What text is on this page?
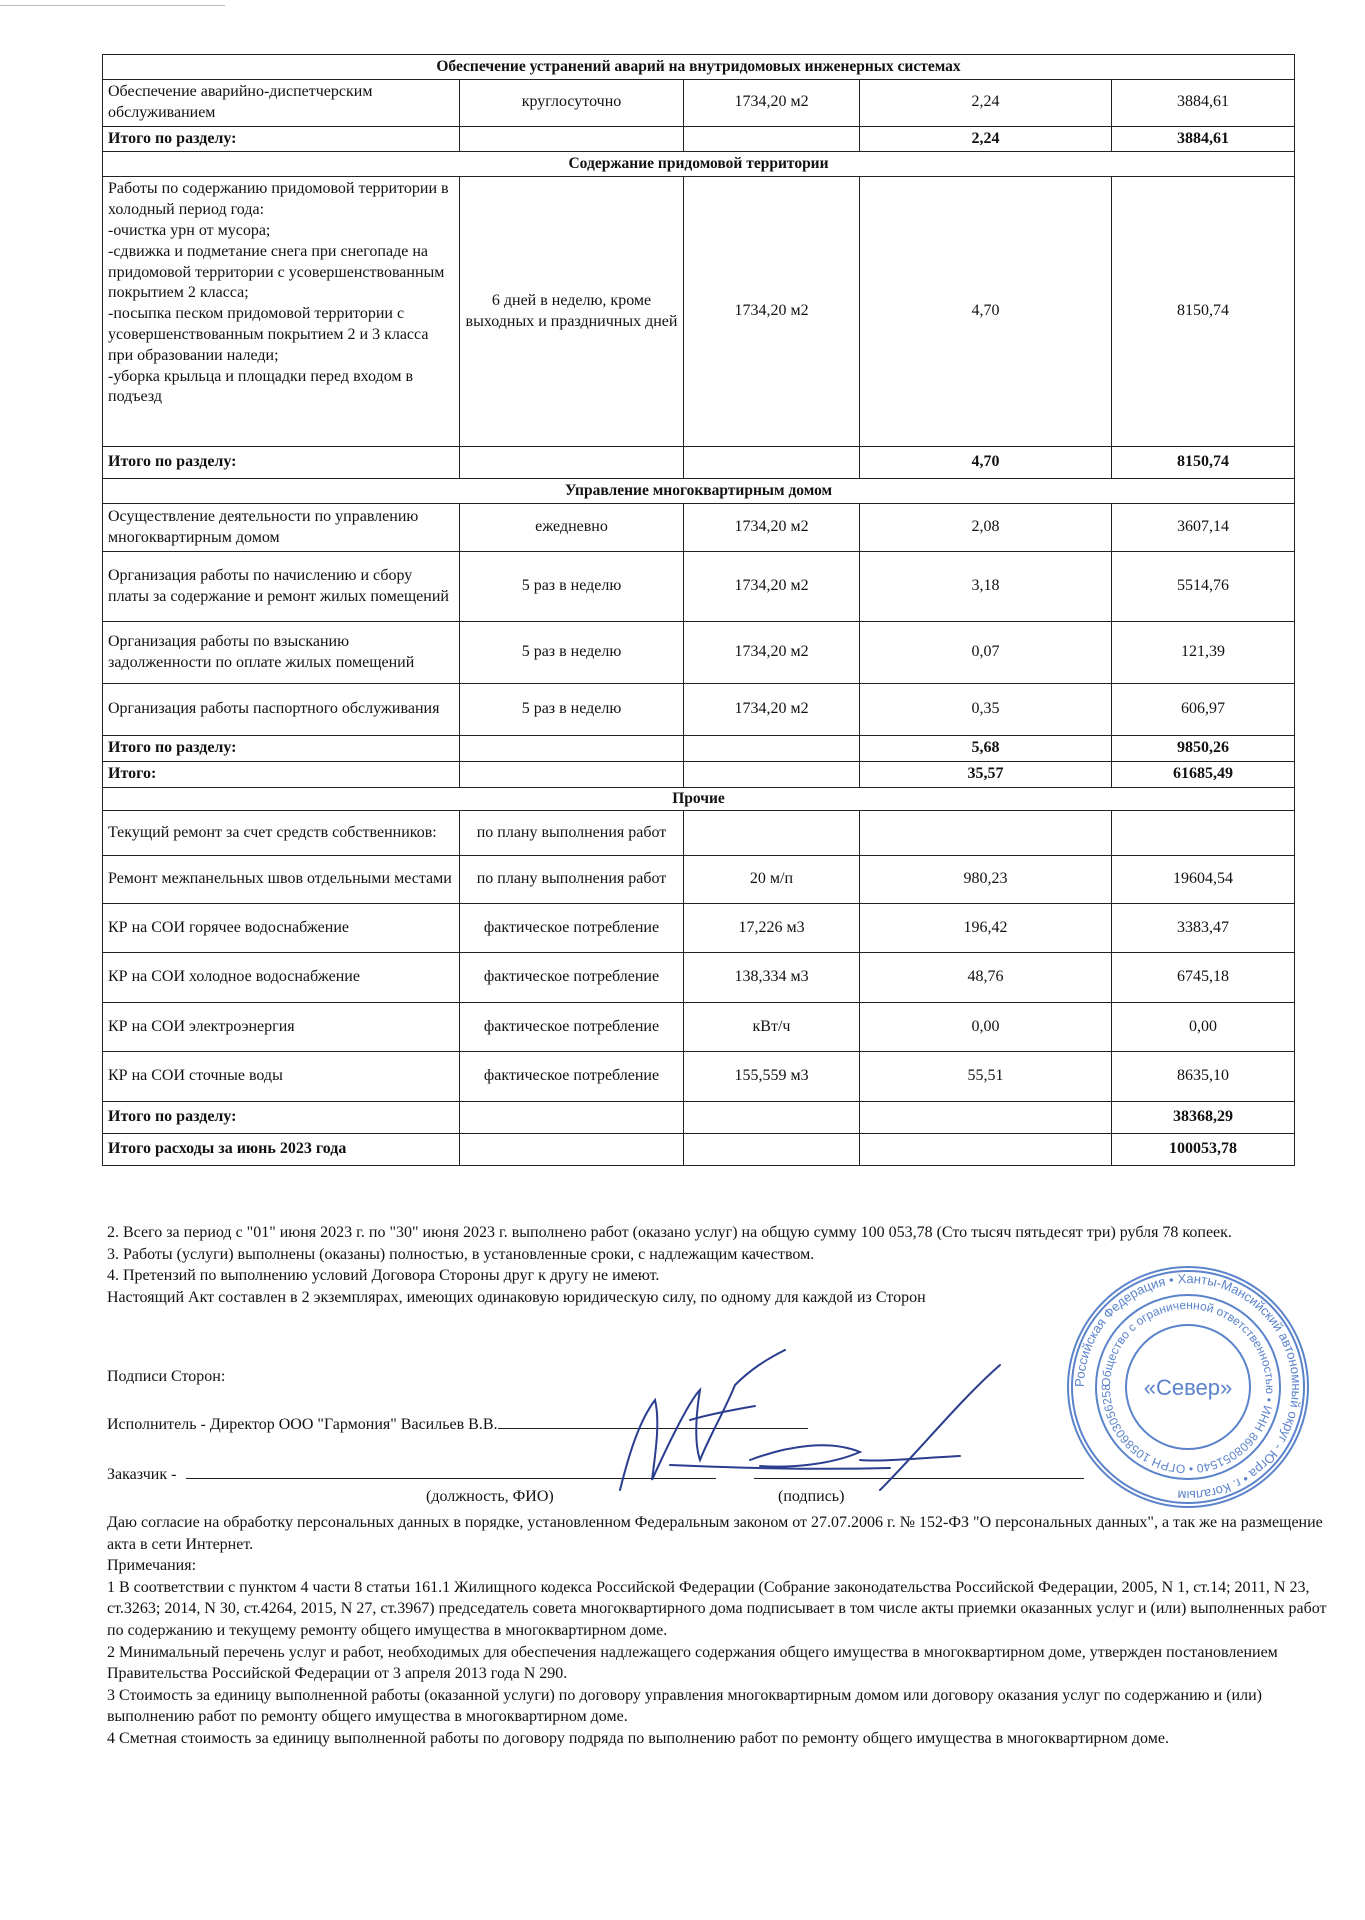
Обеспечение устранений аварий на внутридомовых инженерных системах				
Обеспечение аварийно-диспетчерским обслуживанием	круглосуточно	1734,20 м2	2,24	3884,61
Итого по разделу:			2,24	3884,61
Содержание придомовой территории				
Работы по содержанию придомовой территории в холодный период года:
-очистка урн от мусора;
-сдвижка и подметание снега при снегопаде на придомовой территории с усовершенствованным покрытием 2 класса;
-посыпка песком придомовой территории с усовершенствованным покрытием 2 и 3 класса при образовании наледи;
-уборка крыльца и площадки перед входом в подъезд	6 дней в неделю, кроме выходных и праздничных дней	1734,20 м2	4,70	8150,74
Итого по разделу:			4,70	8150,74
Управление многоквартирным домом				
Осуществление деятельности по управлению многоквартирным домом	ежедневно	1734,20 м2	2,08	3607,14
Организация работы по начислению и сбору платы за содержание и ремонт жилых помещений	5 раз в неделю	1734,20 м2	3,18	5514,76
Организация работы по взысканию задолженности по оплате жилых помещений	5 раз в неделю	1734,20 м2	0,07	121,39
Организация работы паспортного обслуживания	5 раз в неделю	1734,20 м2	0,35	606,97
Итого по разделу:			5,68	9850,26
Итого:			35,57	61685,49
Прочие				
Текущий ремонт за счет средств собственников:	по плану выполнения работ			
Ремонт межпанельных швов отдельными местами	по плану выполнения работ	20 м/п	980,23	19604,54
КР на СОИ горячее водоснабжение	фактическое потребление	17,226 м3	196,42	3383,47
КР на СОИ холодное водоснабжение	фактическое потребление	138,334 м3	48,76	6745,18
КР на СОИ электроэнергия	фактическое потребление	кВт/ч	0,00	0,00
КР на СОИ сточные воды	фактическое потребление	155,559 м3	55,51	8635,10
Итого по разделу:				38368,29
Итого расходы за июнь 2023 года				100053,78

2. Всего за период с "01" июня 2023 г. по "30" июня 2023 г. выполнено работ (оказано услуг) на общую сумму 100 053,78 (Сто тысяч пятьдесят три) рубля 78 копеек.

3. Работы (услуги) выполнены (оказаны) полностью, в установленные сроки, с надлежащим качеством.

4. Претензий по выполнению условий Договора Стороны друг к другу не имеют.

Настоящий Акт составлен в 2 экземплярах, имеющих одинаковую юридическую силу, по одному для каждой из Сторон

Подписи Сторон:
Исполнитель - Директор ООО "Гармония" Васильев В.В.
Заказчик -
(должность, ФИО)	(подпись)

Даю согласие на обработку персональных данных в порядке, установленном Федеральным законом от 27.07.2006 г. № 152-ФЗ "О персональных данных", а так же на размещение акта в сети Интернет.

Примечания:

1 В соответствии с пунктом 4 части 8 статьи 161.1 Жилищного кодекса Российской Федерации (Собрание законодательства Российской Федерации, 2005, N 1, ст.14; 2011, N 23, ст.3263; 2014, N 30, ст.4264, 2015, N 27, ст.3967) председатель совета многоквартирного дома подписывает в том числе акты приемки оказанных услуг и (или) выполненных работ по содержанию и текущему ремонту общего имущества в многоквартирном доме.

2 Минимальный перечень услуг и работ, необходимых для обеспечения надлежащего содержания общего имущества в многоквартирном доме, утвержден постановлением Правительства Российской Федерации от 3 апреля 2013 года N 290.

3 Стоимость за единицу выполненной работы (оказанной услуги) по договору управления многоквартирным домом или договору оказания услуг по содержанию и (или) выполнению работ по ремонту общего имущества в многоквартирном доме.

4 Сметная стоимость за единицу выполненной работы по договору подряда по выполнению работ по ремонту общего имущества в многоквартирном доме.

Российская Федерация • Ханты-Мансийский автономный округ - Югра • г. Когалым
Общество с ограниченной ответственностью • ИНН 8608051540 • ОГРН 1058603056258	«Север»
